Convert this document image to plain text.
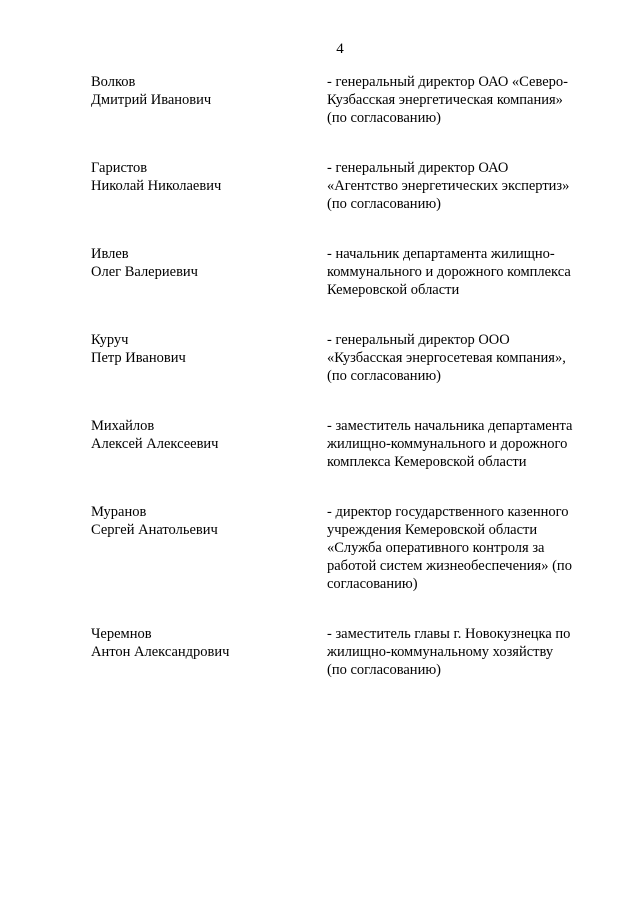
4
Волков
Дмитрий Иванович
- генеральный директор ОАО «Северо-
Кузбасская энергетическая компания»
(по согласованию)
Гаристов
Николай Николаевич
- генеральный директор ОАО
«Агентство энергетических экспертиз»
(по согласованию)
Ивлев
Олег Валериевич
- начальник департамента жилищно-
коммунального и дорожного комплекса
Кемеровской области
Куруч
Петр Иванович
- генеральный директор ООО
«Кузбасская энергосетевая компания»,
(по согласованию)
Михайлов
Алексей Алексеевич
- заместитель начальника департамента
жилищно-коммунального и дорожного
комплекса Кемеровской области
Муранов
Сергей Анатольевич
- директор государственного казенного
учреждения Кемеровской области
«Служба оперативного контроля за
работой систем жизнеобеспечения» (по
согласованию)
Черемнов
Антон Александрович
- заместитель главы г. Новокузнецка по
жилищно-коммунальному хозяйству
(по согласованию)
